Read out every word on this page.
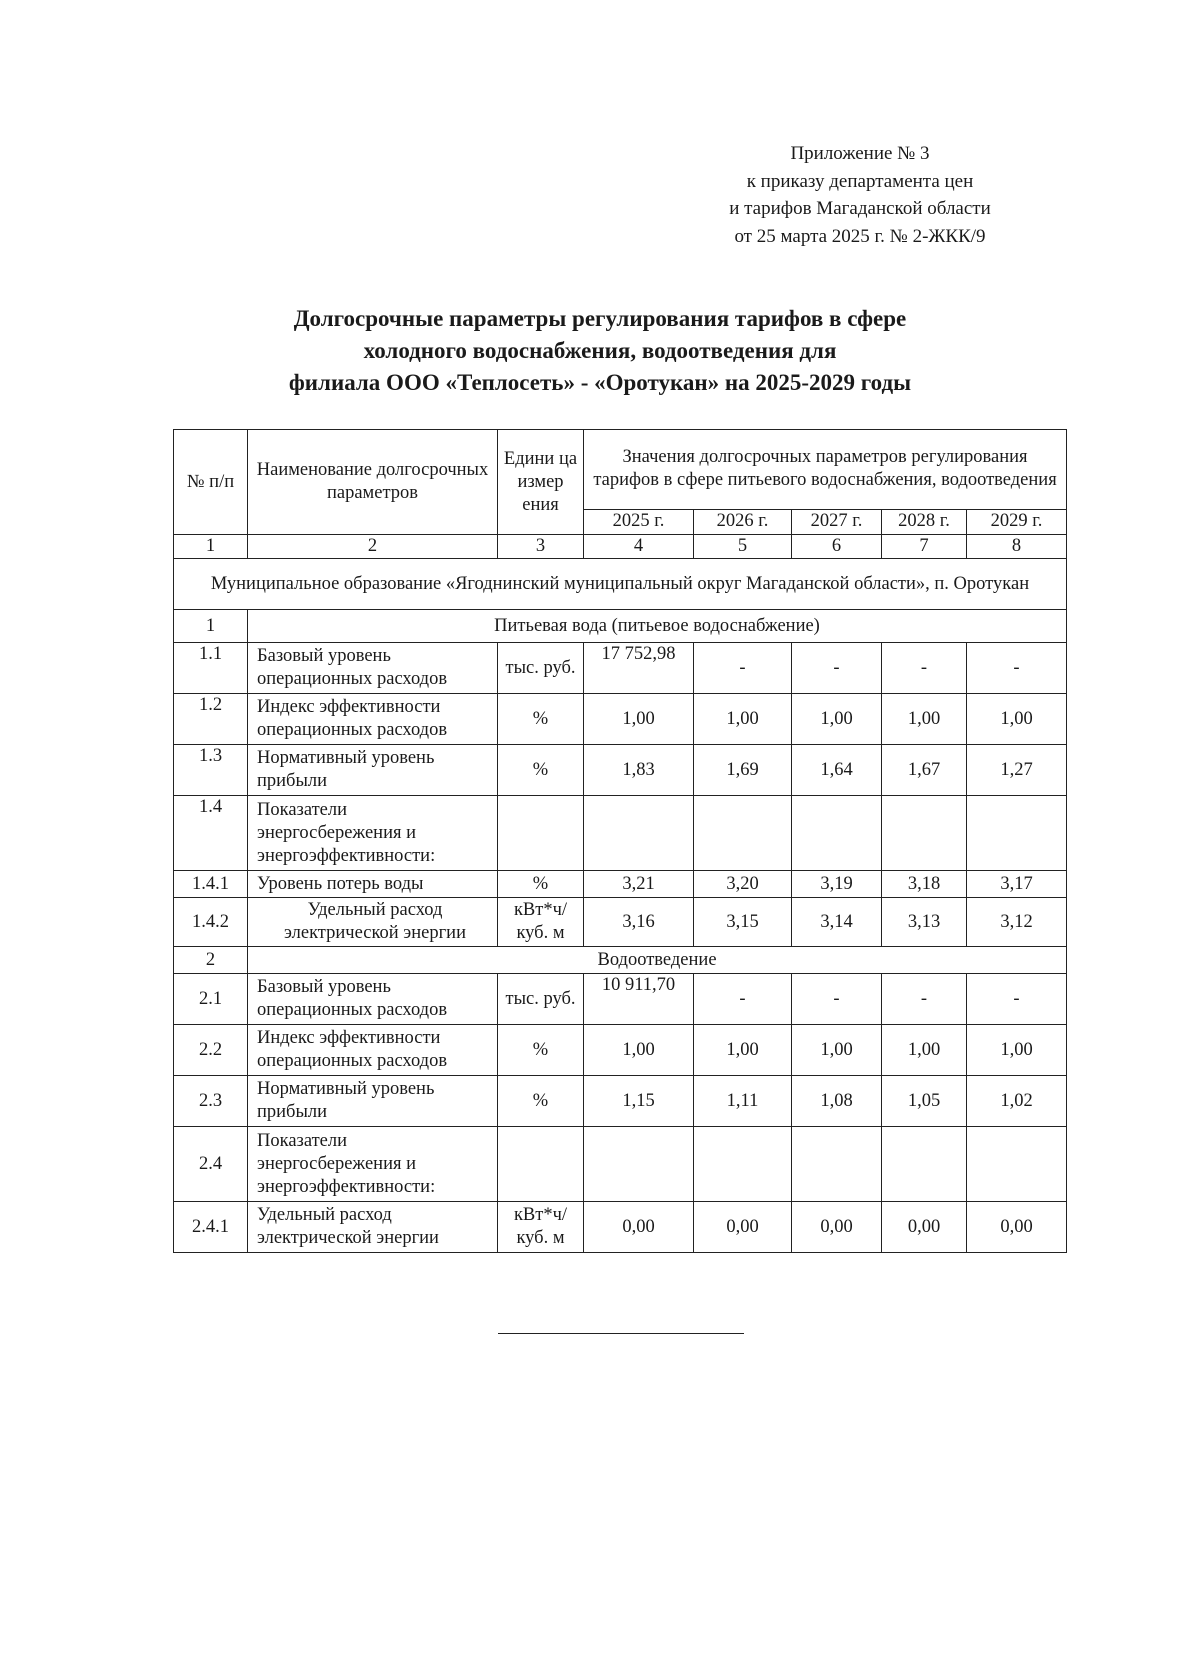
Приложение № 3
к приказу департамента цен
и тарифов Магаданской области
от 25 марта 2025 г. № 2-ЖКК/9
Долгосрочные параметры регулирования тарифов в сфере
холодного водоснабжения, водоотведения для
филиала ООО «Теплосеть» - «Оротукан» на 2025-2029 годы
№ п/п	Наименование долгосрочных параметров	Едини ца измер ения	Значения долгосрочных параметров регулирования тарифов в сфере питьевого водоснабжения, водоотведения				
			2025 г.	2026 г.	2027 г.	2028 г.	2029 г.
1	2	3	4	5	6	7	8
Муниципальное образование «Ягоднинский муниципальный округ Магаданской области», п. Оротукан							
1	Питьевая вода (питьевое водоснабжение)						
1.1	Базовый уровень операционных расходов	тыс. руб.	17 752,98	-	-	-	-
1.2	Индекс эффективности операционных расходов	%	1,00	1,00	1,00	1,00	1,00
1.3	Нормативный уровень прибыли	%	1,83	1,69	1,64	1,67	1,27
1.4	Показатели энергосбережения и энергоэффективности:						
1.4.1	Уровень потерь воды	%	3,21	3,20	3,19	3,18	3,17
1.4.2	Удельный расход электрической энергии	кВт*ч/ куб. м	3,16	3,15	3,14	3,13	3,12
2	Водоотведение						
2.1	Базовый уровень операционных расходов	тыс. руб.	10 911,70	-	-	-	-
2.2	Индекс эффективности операционных расходов	%	1,00	1,00	1,00	1,00	1,00
2.3	Нормативный уровень прибыли	%	1,15	1,11	1,08	1,05	1,02
2.4	Показатели энергосбережения и энергоэффективности:						
2.4.1	Удельный расход электрической энергии	кВт*ч/ куб. м	0,00	0,00	0,00	0,00	0,00
